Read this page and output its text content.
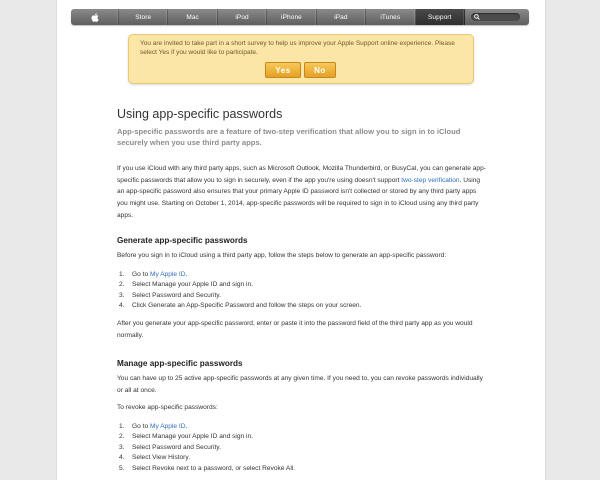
Store	Mac	iPod	iPhone	iPad	iTunes	Support

You are invited to take part in a short survey to help us improve your Apple Support online experience. Please select Yes if you would like to participate.

Yes	No
Using app-specific passwords

App-specific passwords are a feature of two-step verification that allow you to sign in to iCloud securely when you use third party apps.

If you use iCloud with any third party apps, such as Microsoft Outlook, Mozilla Thunderbird, or BusyCal, you can generate app-specific passwords that allow you to sign in securely, even if the app you're using doesn't support two-step verification. Using an app-specific password also ensures that your primary Apple ID password isn't collected or stored by any third party apps you might use. Starting on October 1, 2014, app-specific passwords will be required to sign in to iCloud using any third party apps.

Generate app-specific passwords

Before you sign in to iCloud using a third party app, follow the steps below to generate an app-specific password:

1.	Go to My Apple ID.
2.	Select Manage your Apple ID and sign in.
3.	Select Password and Security.
4.	Click Generate an App-Specific Password and follow the steps on your screen.

After you generate your app-specific password, enter or paste it into the password field of the third party app as you would normally.

Manage app-specific passwords

You can have up to 25 active app-specific passwords at any given time. If you need to, you can revoke passwords individually or all at once.

To revoke app-specific passwords:

1.	Go to My Apple ID.
2.	Select Manage your Apple ID and sign in.
3.	Select Password and Security.
4.	Select View History.
5.	Select Revoke next to a password, or select Revoke All.
